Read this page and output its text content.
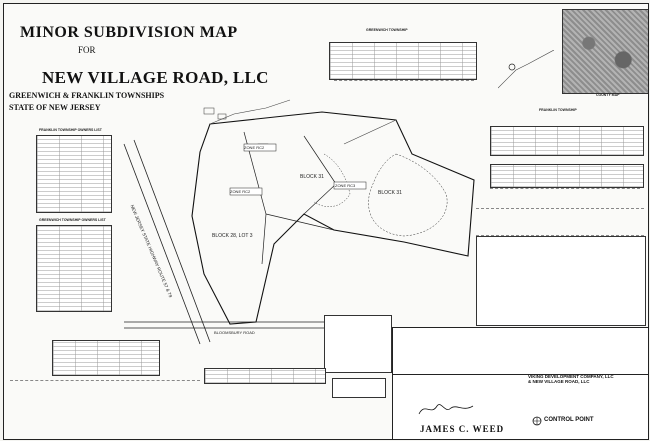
MINOR SUBDIVISION MAP
FOR
NEW VILLAGE ROAD, LLC
GREENWICH & FRANKLIN TOWNSHIPS
STATE OF NEW JERSEY
GREENWICH TOWNSHIP
COUNTY MAP
FRANKLIN TOWNSHIP
FRANKLIN TOWNSHIP OWNERS LIST
GREENWICH TOWNSHIP OWNERS LIST
ZONE RC2
ZONE RC2
ZONE RC3
BLOCK 28, LOT 3
BLOCK 31
BLOCK 31
NEW JERSEY STATE HIGHWAY ROUTE 57 & 79
BLOOMSBURY ROAD
VIKING DEVELOPMENT COMPANY, LLC
& NEW VILLAGE ROAD, LLC
JAMES C. WEED
CONTROL POINT
